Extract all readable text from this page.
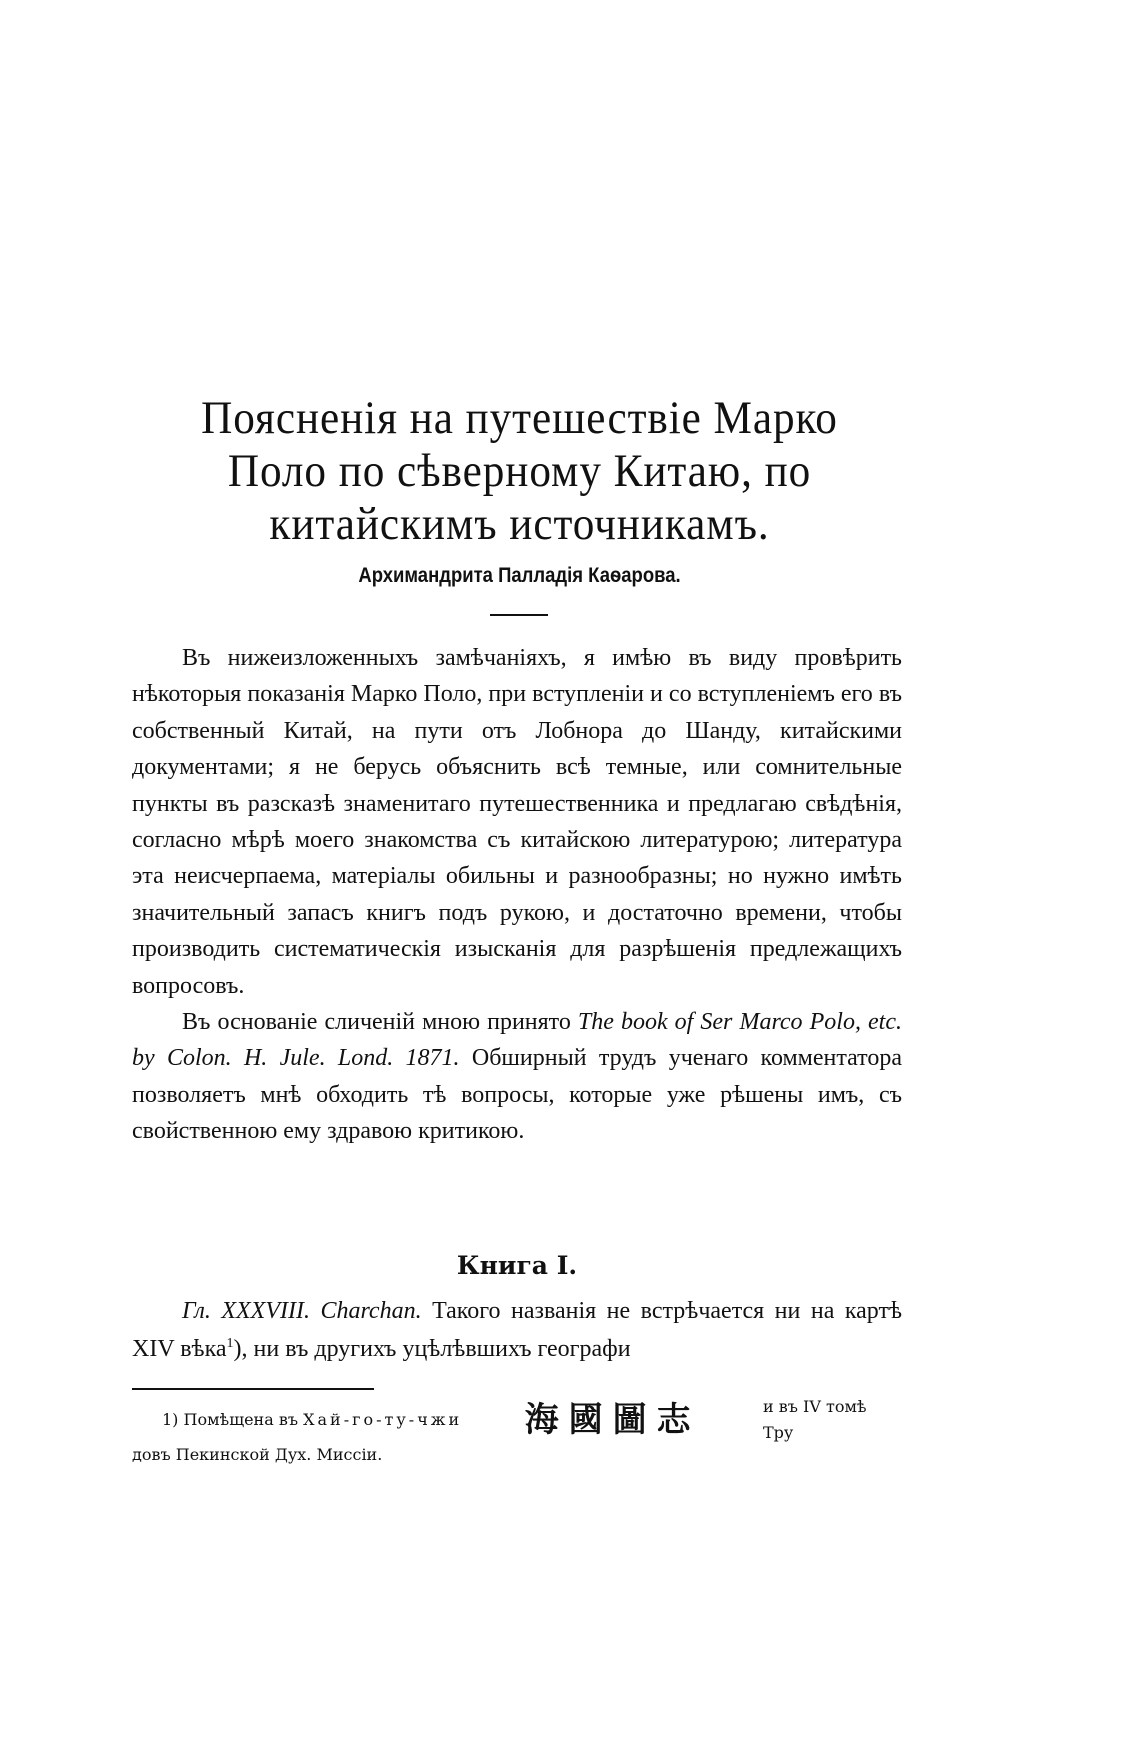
Поясненія на путешествіе Марко Поло по сѣверному Китаю, по китайскимъ источникамъ.
Архимандрита Палладія Каѳарова.

Въ нижеизложенныхъ замѣчаніяхъ, я имѣю въ виду провѣрить нѣкоторыя показанія Марко Поло, при вступленіи и со вступленіемъ его въ собственный Китай, на пути отъ Лобнора до Шанду, китайскими документами; я не берусь объяснить всѣ темные, или сомнительные пункты въ разсказѣ знаменитаго путешественника и предлагаю свѣдѣнія, согласно мѣрѣ моего знакомства съ китайскою литературою; литература эта неисчерпаема, матеріалы обильны и разнообразны; но нужно имѣть значительный запасъ книгъ подъ рукою, и достаточно времени, чтобы производить систематическія изысканія для разрѣшенія предлежащихъ вопросовъ.

Въ основаніе сличеній мною принято The book of Ser Marco Polo, etc. by Colon. H. Jule. Lond. 1871. Обширный трудъ ученаго комментатора позволяетъ мнѣ обходить тѣ вопросы, которые уже рѣшены имъ, съ свойственною ему здравою критикою.

Книга I.

Гл. XXXVIII. Charchan. Такого названія не встрѣчается ни на картѣ XIV вѣка$^1$), ни въ другихъ уцѣлѣвшихъ географи

1) Помѣщена въ Хай-го-ту-чжи 海國圖志	и въ IV томѣ Тру
довъ Пекинской Дух. Миссіи.
